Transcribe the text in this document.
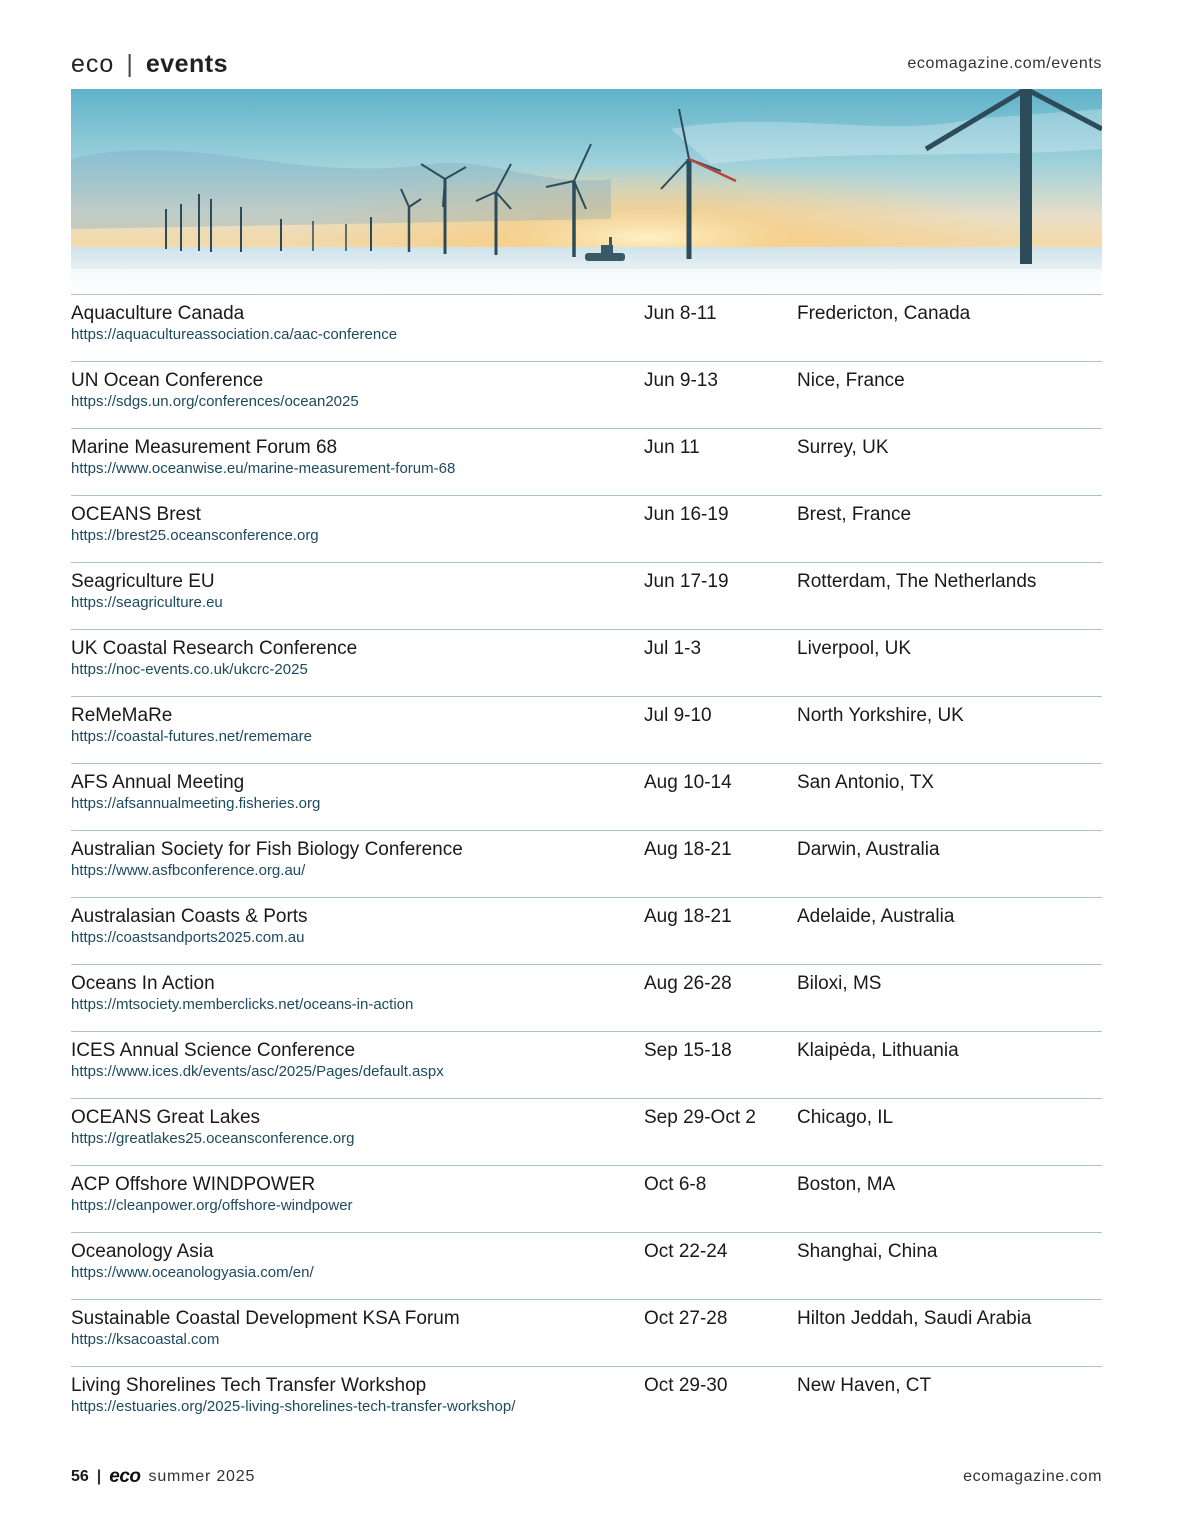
eco | events	ecomagazine.com/events
Aquaculture Canada
https://aquacultureassociation.ca/aac-conference
Jun 8-11	Fredericton, Canada
UN Ocean Conference
https://sdgs.un.org/conferences/ocean2025
Jun 9-13	Nice, France
Marine Measurement Forum 68
https://www.oceanwise.eu/marine-measurement-forum-68
Jun 11	Surrey, UK
OCEANS Brest
https://brest25.oceansconference.org
Jun 16-19	Brest, France
Seagriculture EU
https://seagriculture.eu
Jun 17-19	Rotterdam, The Netherlands
UK Coastal Research Conference
https://noc-events.co.uk/ukcrc-2025
Jul 1-3	Liverpool, UK
ReMeMaRe
https://coastal-futures.net/rememare
Jul 9-10	North Yorkshire, UK
AFS Annual Meeting
https://afsannualmeeting.fisheries.org
Aug 10-14	San Antonio, TX
Australian Society for Fish Biology Conference
https://www.asfbconference.org.au/
Aug 18-21	Darwin, Australia
Australasian Coasts & Ports
https://coastsandports2025.com.au
Aug 18-21	Adelaide, Australia
Oceans In Action
https://mtsociety.memberclicks.net/oceans-in-action
Aug 26-28	Biloxi, MS
ICES Annual Science Conference
https://www.ices.dk/events/asc/2025/Pages/default.aspx
Sep 15-18	Klaipėda, Lithuania
OCEANS Great Lakes
https://greatlakes25.oceansconference.org
Sep 29-Oct 2 Chicago, IL
ACP Offshore WINDPOWER
https://cleanpower.org/offshore-windpower
Oct 6-8	Boston, MA
Oceanology Asia
https://www.oceanologyasia.com/en/
Oct 22-24	Shanghai, China
Sustainable Coastal Development KSA Forum
https://ksacoastal.com
Oct 27-28	Hilton Jeddah, Saudi Arabia
Living Shorelines Tech Transfer Workshop
https://estuaries.org/2025-living-shorelines-tech-transfer-workshop/
Oct 29-30	New Haven, CT
56 | eco summer 2025	ecomagazine.com
